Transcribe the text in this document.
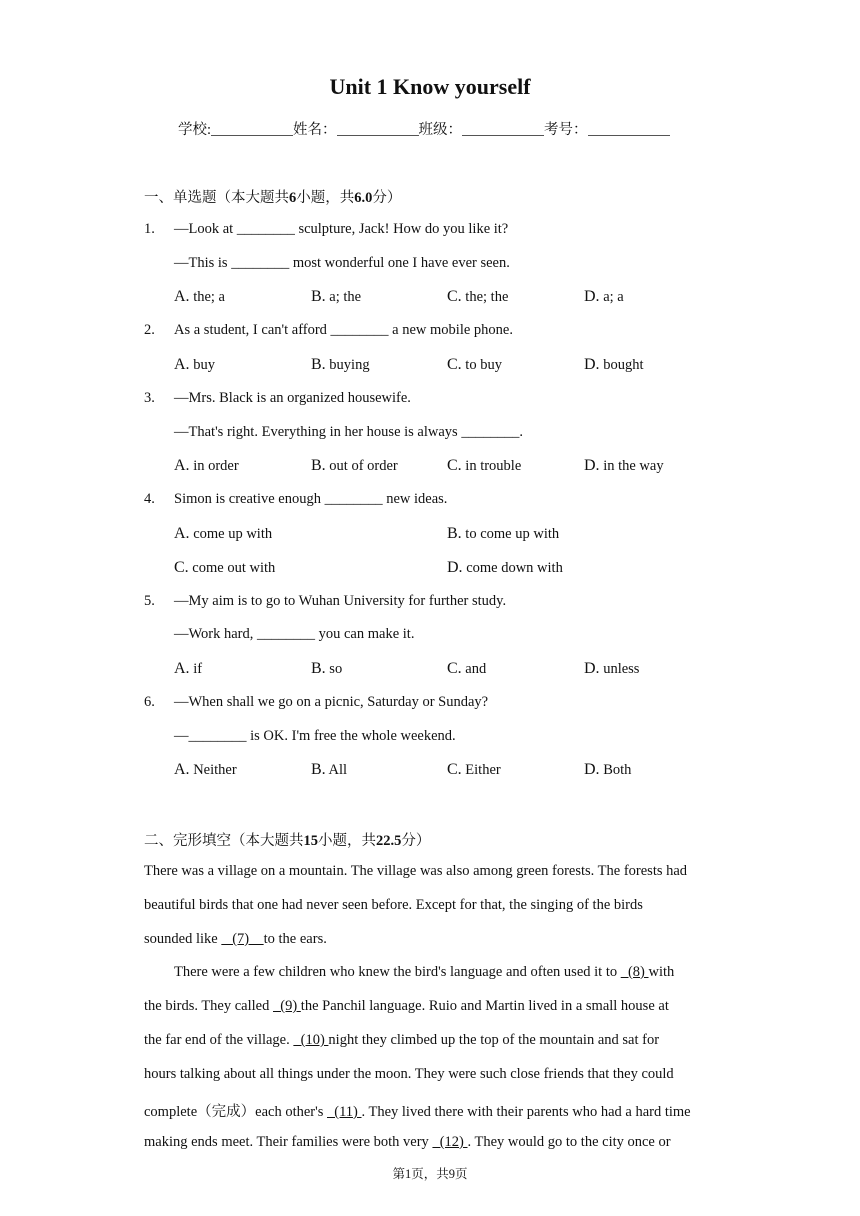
Unit 1 Know yourself
学校:	姓名：	班级：	考号：
一、单选题（本大题共6小题，共6.0分）
1. —Look at ________ sculpture, Jack! How do you like it?
—This is ________ most wonderful one I have ever seen.
A. the; a	B. a; the	C. the; the	D. a; a
2. As a student, I can't afford ________ a new mobile phone.
A. buy	B. buying	C. to buy	D. bought
3. —Mrs. Black is an organized housewife.
—That's right. Everything in her house is always ________.
A. in order	B. out of order	C. in trouble	D. in the way
4. Simon is creative enough ________ new ideas.
A. come up with	B. to come up with
C. come out with	D. come down with
5. —My aim is to go to Wuhan University for further study.
—Work hard, ________ you can make it.
A. if	B. so	C. and	D. unless
6. —When shall we go on a picnic, Saturday or Sunday?
—________ is OK. I'm free the whole weekend.
A. Neither	B. All	C. Either	D. Both
二、完形填空（本大题共15小题，共22.5分）
There was a village on a mountain. The village was also among green forests. The forests had
beautiful birds that one had never seen before. Except for that, the singing of the birds
sounded like    (7)    to the ears.
There were a few children who knew the bird's language and often used it to   (8) with
the birds. They called   (9) the Panchil language. Ruio and Martin lived in a small house at
the far end of the village.   (10) night they climbed up the top of the mountain and sat for
hours talking about all things under the moon. They were such close friends that they could
complete（完成）each other's   (11) . They lived there with their parents who had a hard time
making ends meet. Their families were both very   (12) . They would go to the city once or
第1页，共9页
